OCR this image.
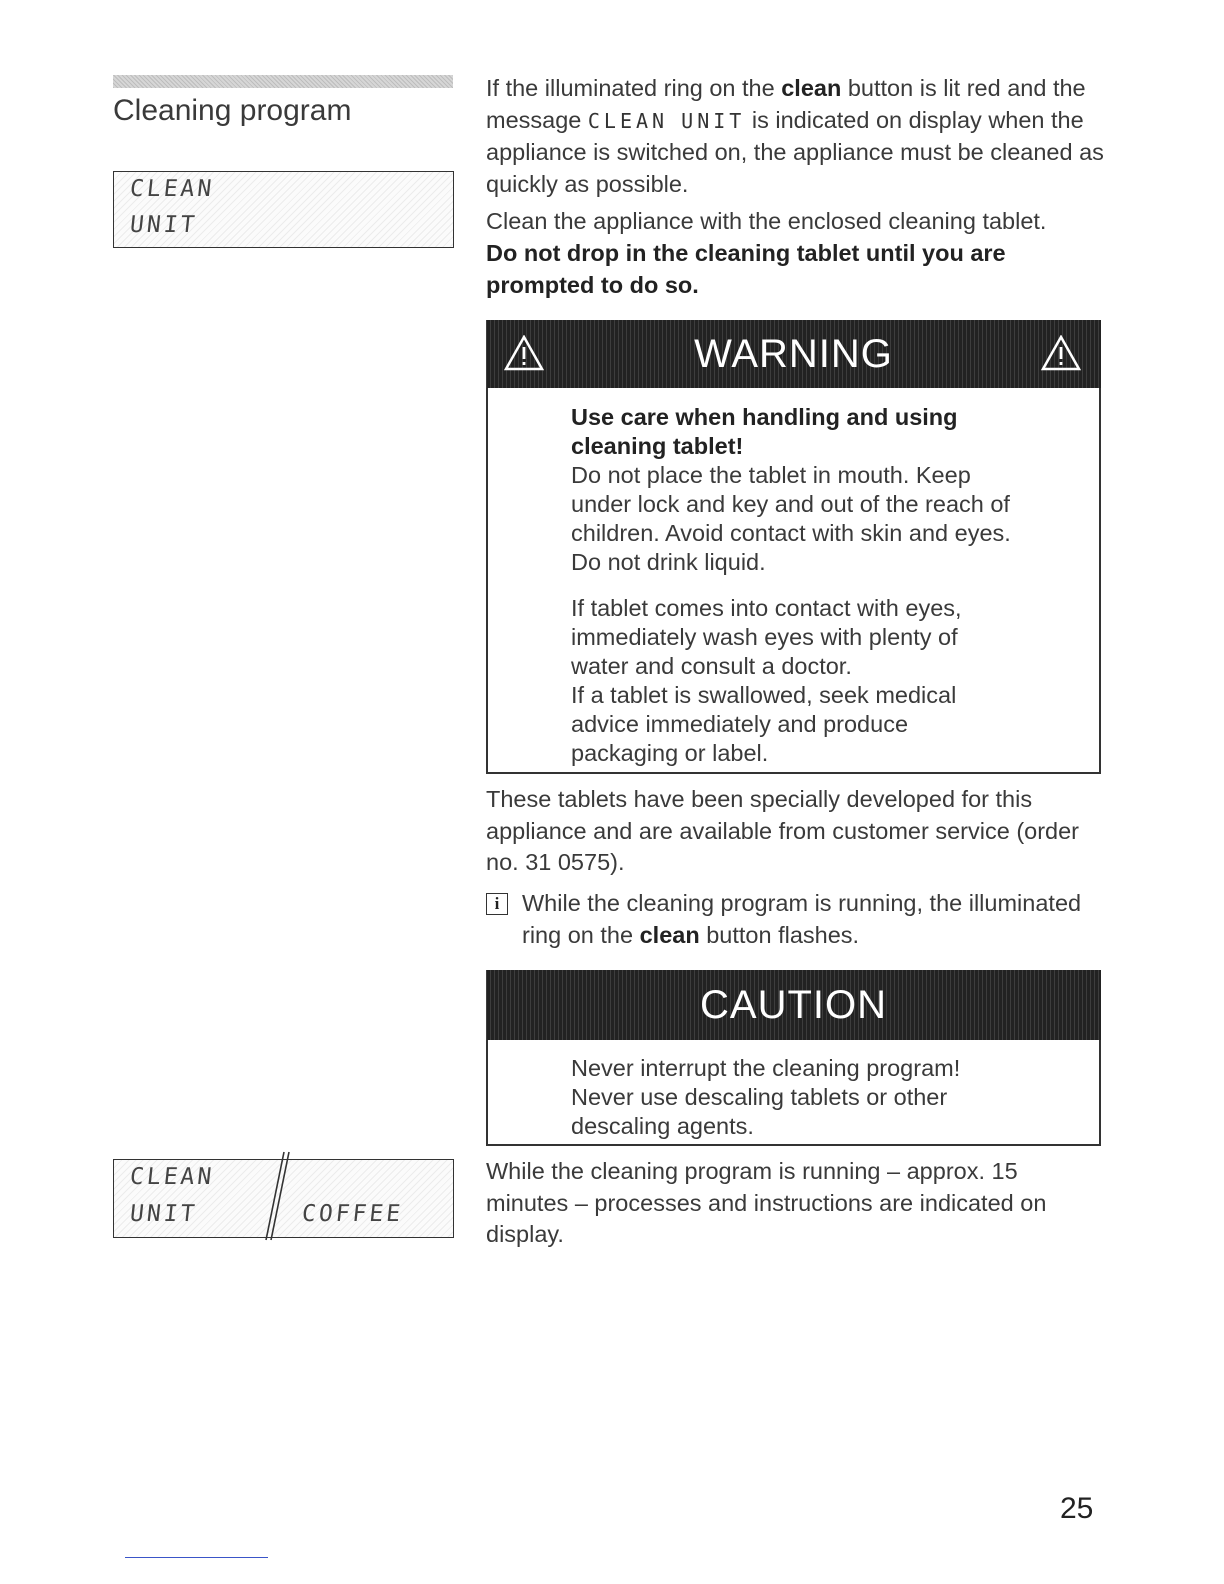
Cleaning program
CLEAN
UNIT
CLEAN
UNIT	COFFEE
If the illuminated ring on the clean button is lit red and the message CLEAN UNIT is indicated on display when the appliance is switched on, the appliance must be cleaned as quickly as possible.
Clean the appliance with the enclosed cleaning tablet.
Do not drop in the cleaning tablet until you are prompted to do so.
WARNING
Use care when handling and using cleaning tablet!
Do not place the tablet in mouth. Keep under lock and key and out of the reach of children. Avoid contact with skin and eyes. Do not drink liquid.
If tablet comes into contact with eyes, immediately wash eyes with plenty of water and consult a doctor.
If a tablet is swallowed, seek medical advice immediately and produce packaging or label.
These tablets have been specially developed for this appliance and are available from customer service (order no. 31 0575).
i While the cleaning program is running, the illuminated ring on the clean button flashes.
CAUTION
Never interrupt the cleaning program! Never use descaling tablets or other descaling agents.
While the cleaning program is running – approx. 15 minutes – processes and instructions are indicated on display.
25
